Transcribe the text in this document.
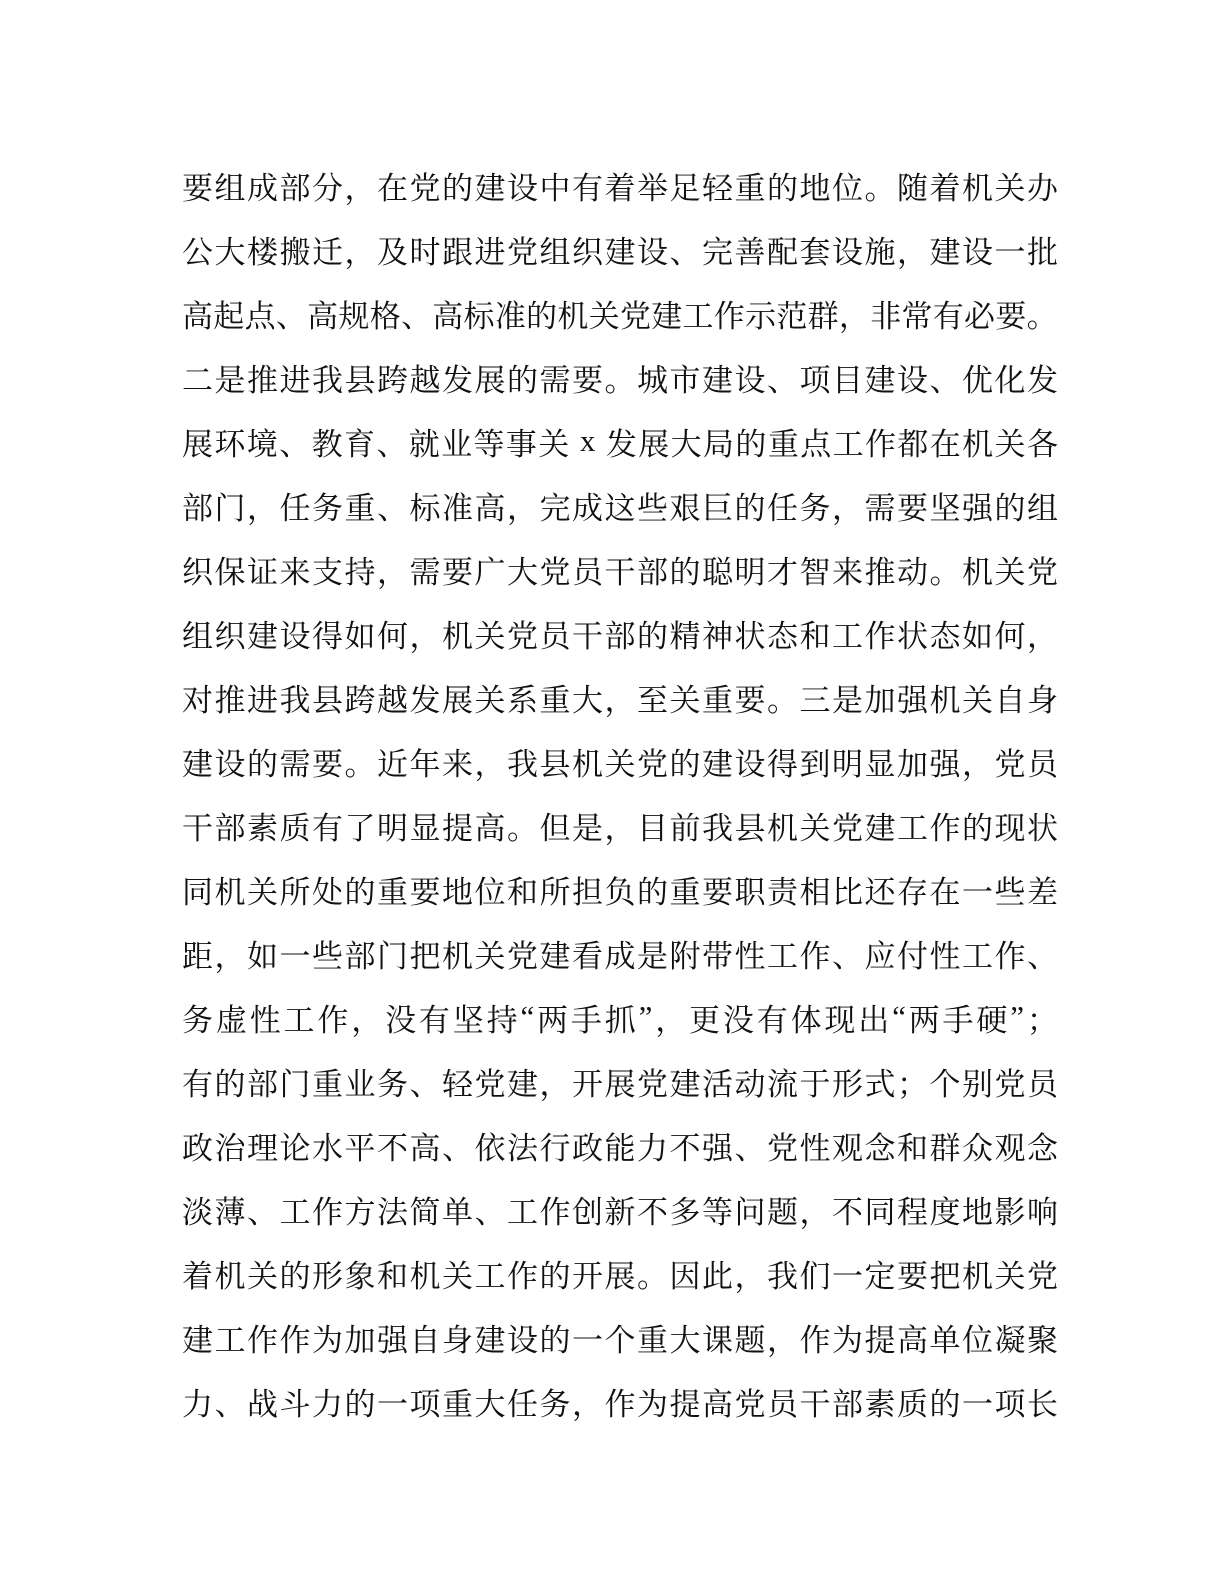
要 组 成 部 分 ， 在 党 的 建 设 中 有 着 举 足 轻 重 的 地 位 。 随 着 机 关 办
公 大 楼 搬 迁 ， 及 时 跟 进 党 组 织 建 设 、 完 善 配 套 设 施 ， 建 设 一 批
高 起 点 、 高 规 格 、 高 标 准 的 机 关 党 建 工 作 示 范 群 ， 非 常 有 必 要 。
二 是 推 进 我 县 跨 越 发 展 的 需 要 。 城 市 建 设 、 项 目 建 设 、 优 化 发
展 环 境 、 教 育 、 就 业 等 事 关
x
发 展 大 局 的 重 点 工 作 都 在 机 关 各
部 门 ， 任 务 重 、 标 准 高 ， 完 成 这 些 艰 巨 的 任 务 ， 需 要 坚 强 的 组
织 保 证 来 支 持 ， 需 要 广 大 党 员 干 部 的 聪 明 才 智 来 推 动 。 机 关 党
组 织 建 设 得 如 何 ， 机 关 党 员 干 部 的 精 神 状 态 和 工 作 状 态 如 何 ，
对 推 进 我 县 跨 越 发 展 关 系 重 大 ， 至 关 重 要 。 三 是 加 强 机 关 自 身
建 设 的 需 要 。 近 年 来 ， 我 县 机 关 党 的 建 设 得 到 明 显 加 强 ， 党 员
干 部 素 质 有 了 明 显 提 高 。 但 是 ， 目 前 我 县 机 关 党 建 工 作 的 现 状
同 机 关 所 处 的 重 要 地 位 和 所 担 负 的 重 要 职 责 相 比 还 存 在 一 些 差
距 ， 如 一 些 部 门 把 机 关 党 建 看 成 是 附 带 性 工 作 、 应 付 性 工 作 、
务 虚 性 工 作 ， 没 有 坚 持 “ 两 手 抓 ” ， 更 没 有 体 现 出 “ 两 手 硬 ” ；
有 的 部 门 重 业 务 、 轻 党 建 ， 开 展 党 建 活 动 流 于 形 式 ； 个 别 党 员
政 治 理 论 水 平 不 高 、 依 法 行 政 能 力 不 强 、 党 性 观 念 和 群 众 观 念
淡 薄 、 工 作 方 法 简 单 、 工 作 创 新 不 多 等 问 题 ， 不 同 程 度 地 影 响
着 机 关 的 形 象 和 机 关 工 作 的 开 展 。 因 此 ， 我 们 一 定 要 把 机 关 党
建 工 作 作 为 加 强 自 身 建 设 的 一 个 重 大 课 题 ， 作 为 提 高 单 位 凝 聚
力 、 战 斗 力 的 一 项 重 大 任 务 ， 作 为 提 高 党 员 干 部 素 质 的 一 项 长
